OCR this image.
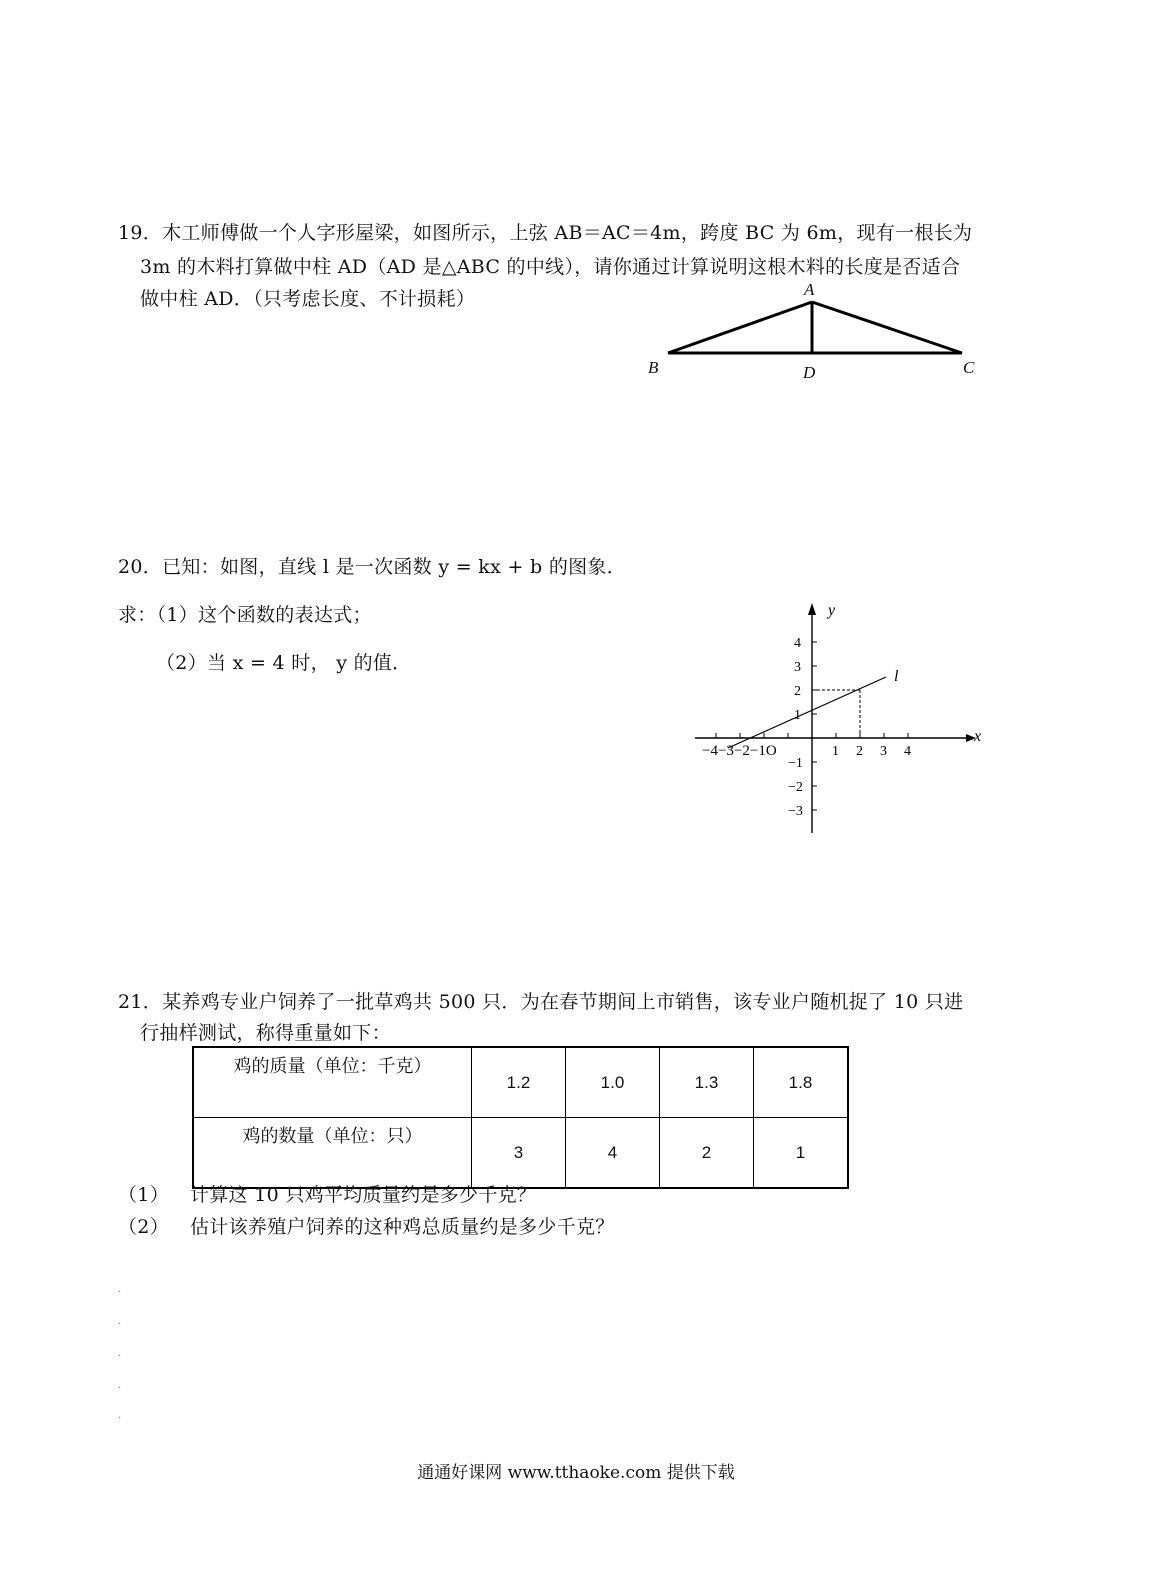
19．木工师傅做一个人字形屋梁，如图所示，上弦 AB＝AC＝4m，跨度 BC 为 6m，现有一根长为
3m 的木料打算做中柱 AD（AD 是△ABC 的中线），请你通过计算说明这根木料的长度是否适合
做中柱 AD．（只考虑长度、不计损耗）	A
B	D	C
20．已知：如图，直线 l 是一次函数 y = kx + b 的图象．
求：（1）这个函数的表达式；
（2）当 x = 4 时， y 的值．
y
x
l
−4−3−2−1O	1 2 3 4
4
3
2
1
−1
−2
−3
21．某养鸡专业户饲养了一批草鸡共 500 只．为在春节期间上市销售，该专业户随机捉了 10 只进
行抽样测试，称得重量如下：
鸡的质量（单位：千克）	1.2	1.0	1.3	1.8
鸡的数量（单位：只）	3	4	2	1
（1） 计算这 10 只鸡平均质量约是多少千克？
（2） 估计该养殖户饲养的这种鸡总质量约是多少千克？
.
.
.
.
.
通通好课网 www.tthaoke.com 提供下载
